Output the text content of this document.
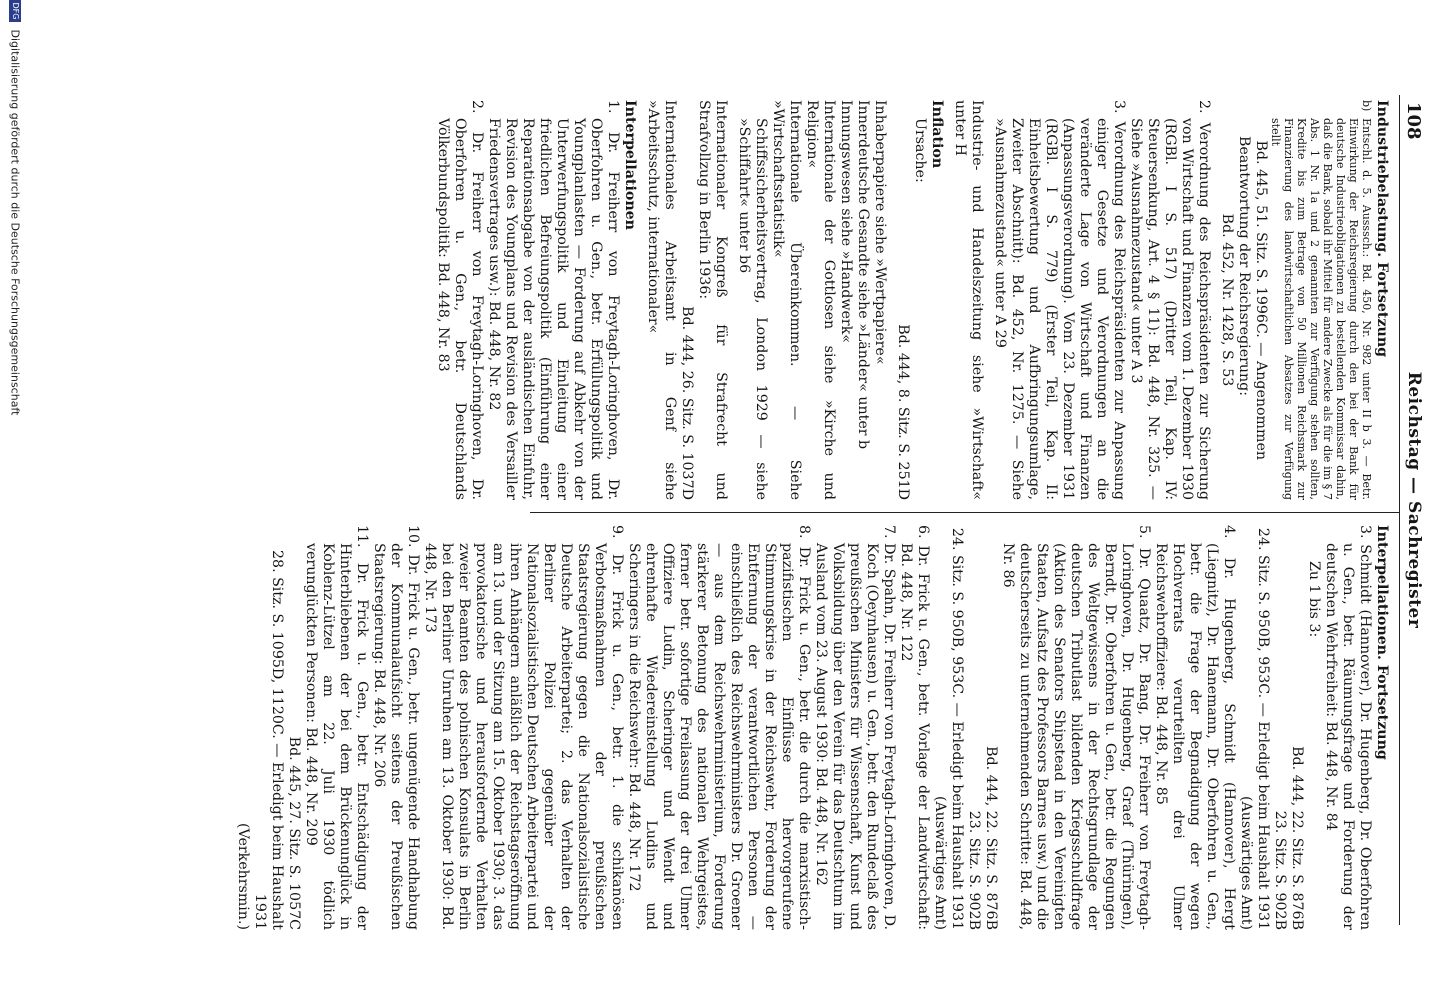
108
Reichstag — Sachregister

Industriebelastung. Fortsetzung

b) Entschl. d. 5. Ausssch.: Bd. 450, Nr. 982 unter II b 3. — Betr. Einwirkung der Reichsregierung durch den bei der Bank für deutsche Industrieobligationen zu bestellenden Kommissar dahin, daß die Bank, sobald ihr Mittel für andere Zwecke als für die im § 7 Abs. 1 Nr. 1a und 2 genannten zur Verfügung stehen sollten, Kredite bis zum Betrage von 50 Millionen Reichsmark zur Finanzierung des landwirtschaftlichen Absatzes zur Verfügung stellt

Bd. 445, 51. Sitz. S. 1996C. — Angenommen

Beantwortung der Reichsregierung:

Bd. 452, Nr. 1428, S. 53

2. Verordnung des Reichspräsidenten zur Sicherung von Wirtschaft und Finanzen vom 1. Dezember 1930 (RGBl. I S. 517) (Dritter Teil, Kap. IV: Steuersenkung, Art. 4 § 11): Bd. 448, Nr. 325. — Siehe »Ausnahmezustand« unter A 3

3. Verordnung des Reichspräsidenten zur Anpassung einiger Gesetze und Verordnungen an die veränderte Lage von Wirtschaft und Finanzen (Anpassungsverordnung). Vom 23. Dezember 1931 (RGBl. I S. 779) (Erster Teil, Kap. II: Einheitsbewertung und Aufbringungsumlage, Zweiter Abschnitt): Bd. 452, Nr. 1275. — Siehe »Ausnahmezustand« unter A 29

Industrie- und Handelszeitung siehe »Wirtschaft« unter H

Inflation

Ursache:

Bd. 444, 8. Sitz. S. 251D

Inhaberpapiere siehe »Wertpapiere«

Innerdeutsche Gesandte siehe »Länder« unter b

Innungswesen siehe »Handwerk«

Internationale der Gottlosen siehe »Kirche und Religion«

Internationale Übereinkommen. — Siehe »Wirtschaftsstatistik«

Schiffssicherheitsvertrag, London 1929 — siehe »Schiffahrt« unter b6

Internationaler Kongreß für Strafrecht und Strafvollzug in Berlin 1936:

Bd. 444, 26. Sitz. S. 1037D

Internationales Arbeitsamt in Genf siehe »Arbeitsschutz, internationaler«

Interpellationen

1. Dr. Freiherr von Freytagh-Loringhoven, Dr. Oberfohren u. Gen., betr. Erfüllungspolitik und Youngplanlasten — Forderung auf Abkehr von der Unterwerfungspolitik und Einleitung einer friedlichen Befreiungspolitik (Einführung einer Reparationsabgabe von der ausländischen Einfuhr, Revision des Youngplans und Revision des Versailler Friedensvertrages usw.): Bd. 448, Nr. 82

2. Dr. Freiherr von Freytagh-Loringhoven, Dr. Oberfohren u. Gen., betr. Deutschlands Völkerbundspolitik: Bd. 448, Nr. 83

Interpellationen. Fortsetzung

3. Schmidt (Hannover), Dr. Hugenberg, Dr. Oberfohren u. Gen., betr. Räumungsfrage und Forderung der deutschen Wehrfreiheit: Bd. 448, Nr. 84

Zu 1 bis 3:

Bd. 444, 22. Sitz. S. 876B

23. Sitz. S. 902B

24. Sitz. S. 950B, 953C. — Erledigt beim Haushalt 1931

(Auswärtiges Amt)

4. Dr. Hugenberg, Schmidt (Hannover), Hergt (Liegnitz), Dr. Hanemann, Dr. Oberfohren u. Gen., betr. die Frage der Begnadigung der wegen Hochverrats verurteilten drei Ulmer Reichswehroffiziere: Bd. 448, Nr. 85

5. Dr. Quaatz, Dr. Bang, Dr. Freiherr von Freytagh-Loringhoven, Dr. Hugenberg, Graef (Thüringen), Berndt, Dr. Oberfohren u. Gen., betr. die Regungen des Weltgewissens in der Rechtsgrundlage der deutschen Tributlast bildenden Kriegsschuldfrage (Aktion des Senators Shipstead in den Vereinigten Staaten, Aufsatz des Professors Barnes usw.) und die deutscherseits zu unternehmenden Schritte: Bd. 448, Nr. 86

Bd. 444, 22. Sitz. S. 876B

23. Sitz. S. 902B

24. Sitz. S. 950B, 953C. — Erledigt beim Haushalt 1931

(Auswärtiges Amt)

6. Dr. Frick u. Gen., betr. Vorlage der Landwirtschaft: Bd. 448, Nr. 122

7. Dr. Spahn, Dr. Freiherr von Freytagh-Loringhoven, D. Koch (Oeynhausen) u. Gen., betr. den Rundeclaß des preußischen Ministers für Wissenschaft, Kunst und Volksbildung über den Verein für das Deutschtum im Ausland vom 23. August 1930: Bd. 448, Nr. 162

8. Dr. Frick u. Gen., betr. die durch die marxistisch-pazifistischen Einflüsse hervorgerufene Stimmungskrise in der Reichswehr, Forderung der Entfernung der verantwortlichen Personen — einschließlich des Reichswehrministers Dr. Groener — aus dem Reichswehrministerium, Forderung stärkerer Betonung des nationalen Wehrgeistes, ferner betr. sofortige Freilassung der drei Ulmer Offiziere Ludin, Scheringer und Wendt und ehrenhafte Wiedereinstellung Ludins und Scheringers in die Reichswehr: Bd. 448, Nr. 172

9. Dr. Frick u. Gen., betr. 1. die schikanösen Verbotsmaßnahmen der preußischen Staatsregierung gegen die Nationalsozialistische Deutsche Arbeiterpartei; 2. das Verhalten der Berliner Polizei gegenüber der Nationalsozialistischen Deutschen Arbeiterpartei und ihren Anhängern anläßlich der Reichstagseröffnung am 13. und der Sitzung am 15. Oktober 1930; 3. das provokatorische und herausfordernde Verhalten zweier Beamten des polnischen Konsulats in Berlin bei den Berliner Unruhen am 13. Oktober 1930: Bd. 448, Nr. 173

10. Dr. Frick u. Gen., betr. ungenügende Handhabung der Kommunalaufsicht seitens der Preußischen Staatsregierung: Bd. 448, Nr. 206

11. Dr. Frick u. Gen., betr. Entschädigung der Hinterbliebenen der bei dem Brückenunglück in Koblenz-Lützel am 22. Juli 1930 tödlich verunglückten Personen: Bd. 448, Nr. 209

Bd. 445, 27. Sitz. S. 1057C

28. Sitz. S. 1095D, 1120C. — Erledigt beim Haushalt 1931

(Verkehrsmin.)

DFG Digitalisierung gefördert durch die Deutsche Forschungsgemeinschaft
